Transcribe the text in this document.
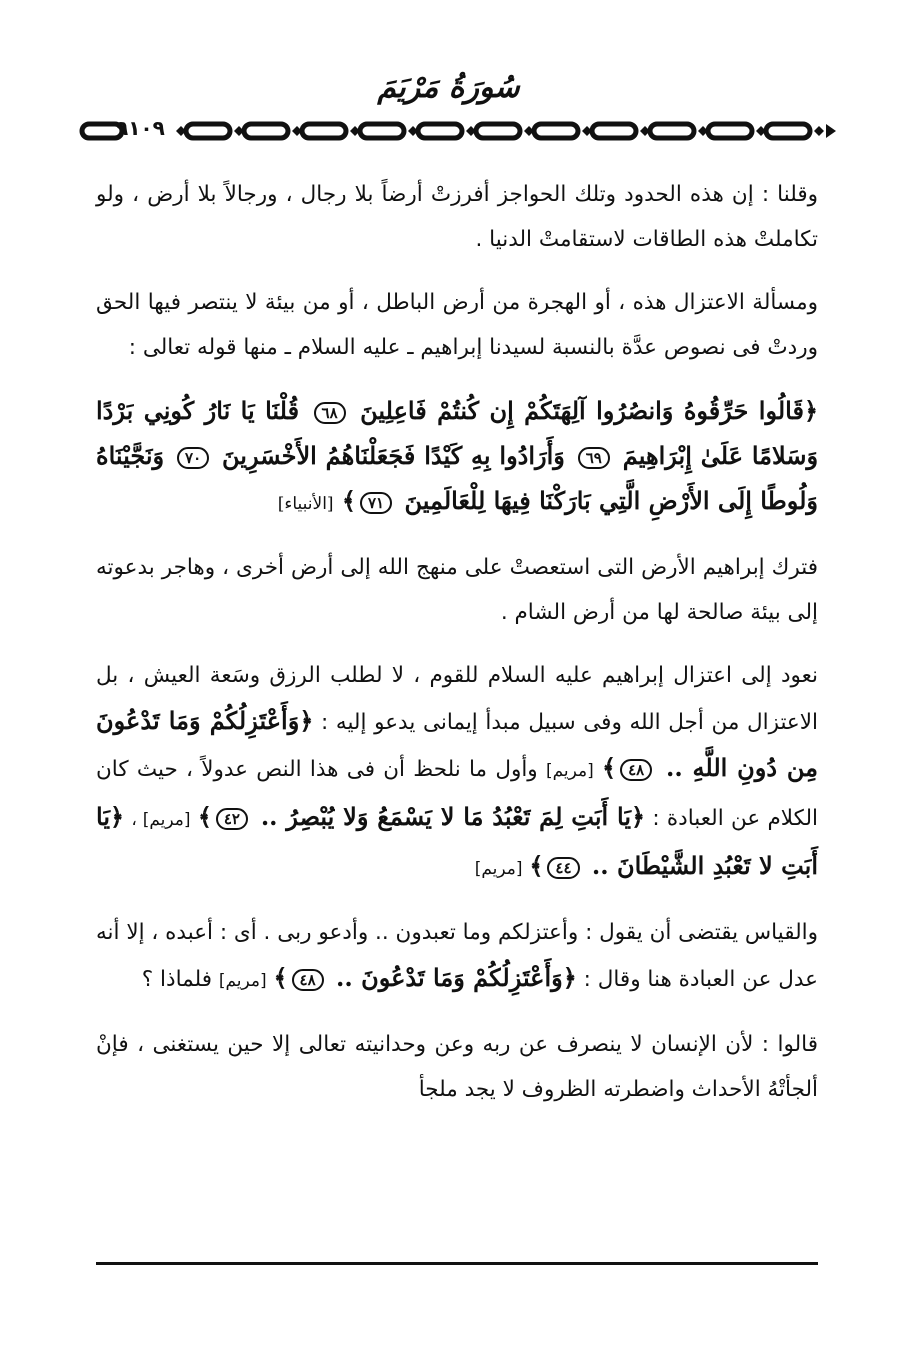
سُورَةُ مَرْيَمَ
٩١٠٩

وقلنا : إن هذه الحدود وتلك الحواجز أفرزتْ أرضاً بلا رجال ، ورجالاً بلا أرض ، ولو تكاملتْ هذه الطاقات لاستقامتْ الدنيا .

ومسألة الاعتزال هذه ، أو الهجرة من أرض الباطل ، أو من بيئة لا ينتصر فيها الحق وردتْ فى نصوص عدَّة بالنسبة لسيدنا إبراهيم ـ عليه السلام ـ منها قوله تعالى :

﴿قَالُوا حَرِّقُوهُ وَانصُرُوا آلِهَتَكُمْ إِن كُنتُمْ فَاعِلِينَ ٦٨ قُلْنَا يَا نَارُ كُونِي بَرْدًا وَسَلامًا عَلَىٰ إِبْرَاهِيمَ ٦٩ وَأَرَادُوا بِهِ كَيْدًا فَجَعَلْنَاهُمُ الأَخْسَرِينَ ٧٠ وَنَجَّيْنَاهُ وَلُوطًا إِلَى الأَرْضِ الَّتِي بَارَكْنَا فِيهَا لِلْعَالَمِينَ ٧١﴾ [الأنبياء]

فترك إبراهيم الأرض التى استعصتْ على منهج الله إلى أرض أخرى ، وهاجر بدعوته إلى بيئة صالحة لها من أرض الشام .

نعود إلى اعتزال إبراهيم عليه السلام للقوم ، لا لطلب الرزق وسَعة العيش ، بل الاعتزال من أجل الله وفى سبيل مبدأ إيمانى يدعو إليه : ﴿وَأَعْتَزِلُكُمْ وَمَا تَدْعُونَ مِن دُونِ اللَّهِ .. ٤٨﴾ [مريم] وأول ما نلحظ أن فى هذا النص عدولاً ، حيث كان الكلام عن العبادة : ﴿يَا أَبَتِ لِمَ تَعْبُدُ مَا لا يَسْمَعُ وَلا يُبْصِرُ .. ٤٢﴾ [مريم] ، ﴿يَا أَبَتِ لا تَعْبُدِ الشَّيْطَانَ .. ٤٤﴾ [مريم]

والقياس يقتضى أن يقول : وأعتزلكم وما تعبدون .. وأدعو ربى . أى : أعبده ، إلا أنه عدل عن العبادة هنا وقال : ﴿وَأَعْتَزِلُكُمْ وَمَا تَدْعُونَ .. ٤٨﴾ [مريم] فلماذا ؟

قالوا : لأن الإنسان لا ينصرف عن ربه وعن وحدانيته تعالى إلا حين يستغنى ، فإنْ ألجأتْهُ الأحداث واضطرته الظروف لا يجد ملجأ
